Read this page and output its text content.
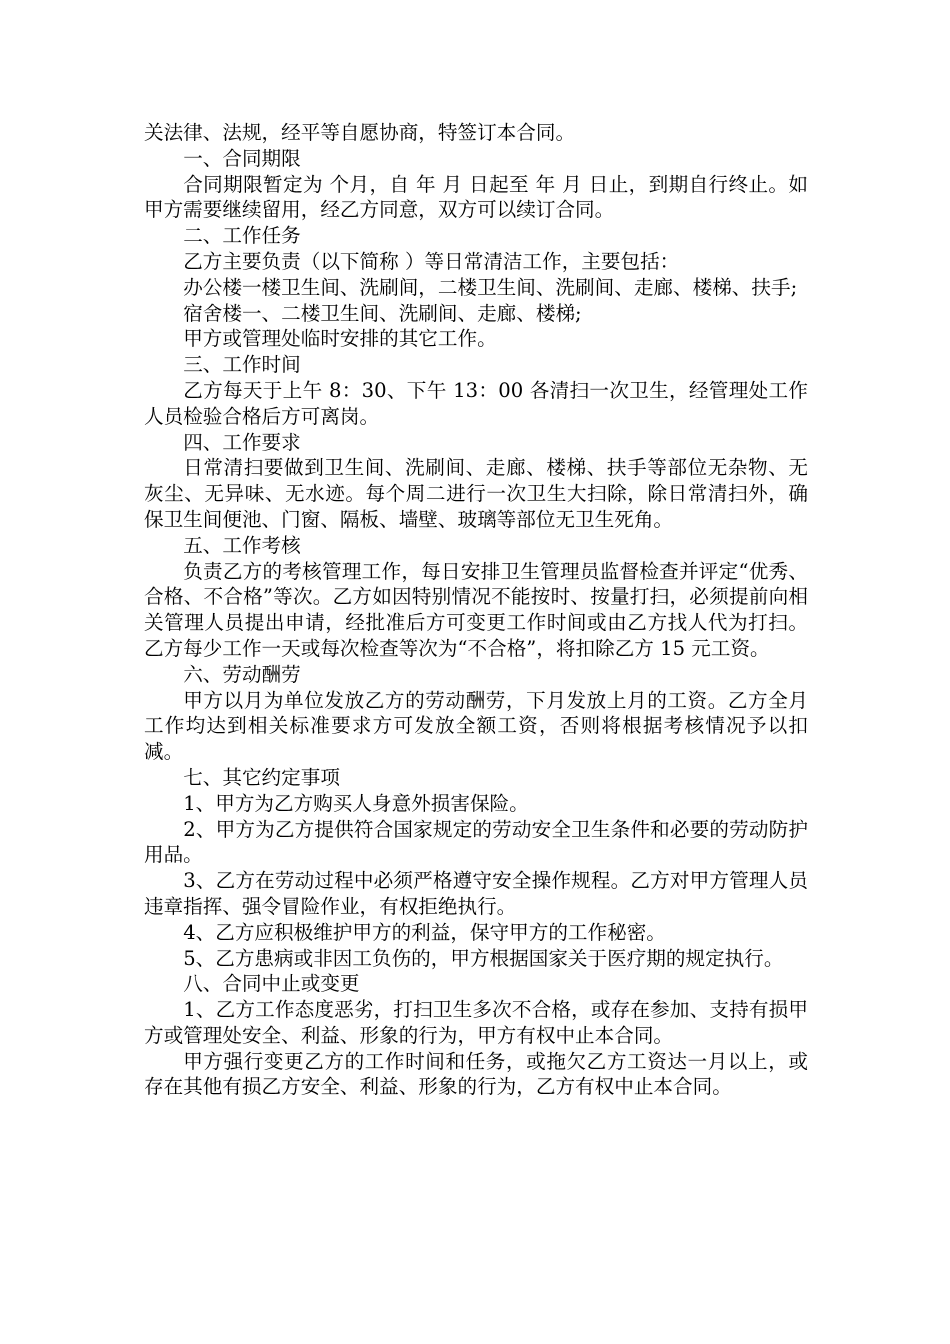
关法律、法规，经平等自愿协商，特签订本合同。

一、合同期限

合同期限暂定为 个月，自 年 月 日起至 年 月 日止，到期自行终止。如甲方需要继续留用，经乙方同意，双方可以续订合同。

二、工作任务

乙方主要负责（以下简称 ）等日常清洁工作，主要包括：

办公楼一楼卫生间、洗刷间，二楼卫生间、洗刷间、走廊、楼梯、扶手;

宿舍楼一、二楼卫生间、洗刷间、走廊、楼梯;

甲方或管理处临时安排的其它工作。

三、工作时间

乙方每天于上午 8：30、下午 13：00 各清扫一次卫生，经管理处工作人员检验合格后方可离岗。

四、工作要求

日常清扫要做到卫生间、洗刷间、走廊、楼梯、扶手等部位无杂物、无灰尘、无异味、无水迹。每个周二进行一次卫生大扫除，除日常清扫外，确保卫生间便池、门窗、隔板、墙壁、玻璃等部位无卫生死角。

五、工作考核

负责乙方的考核管理工作，每日安排卫生管理员监督检查并评定“优秀、合格、不合格”等次。乙方如因特别情况不能按时、按量打扫，必须提前向相关管理人员提出申请，经批准后方可变更工作时间或由乙方找人代为打扫。乙方每少工作一天或每次检查等次为“不合格”，将扣除乙方 15 元工资。

六、劳动酬劳

甲方以月为单位发放乙方的劳动酬劳，下月发放上月的工资。乙方全月工作均达到相关标准要求方可发放全额工资，否则将根据考核情况予以扣减。

七、其它约定事项

1、甲方为乙方购买人身意外损害保险。

2、甲方为乙方提供符合国家规定的劳动安全卫生条件和必要的劳动防护用品。

3、乙方在劳动过程中必须严格遵守安全操作规程。乙方对甲方管理人员违章指挥、强令冒险作业，有权拒绝执行。

4、乙方应积极维护甲方的利益，保守甲方的工作秘密。

5、乙方患病或非因工负伤的，甲方根据国家关于医疗期的规定执行。

八、合同中止或变更

1、乙方工作态度恶劣，打扫卫生多次不合格，或存在参加、支持有损甲方或管理处安全、利益、形象的行为，甲方有权中止本合同。

甲方强行变更乙方的工作时间和任务，或拖欠乙方工资达一月以上，或存在其他有损乙方安全、利益、形象的行为，乙方有权中止本合同。
